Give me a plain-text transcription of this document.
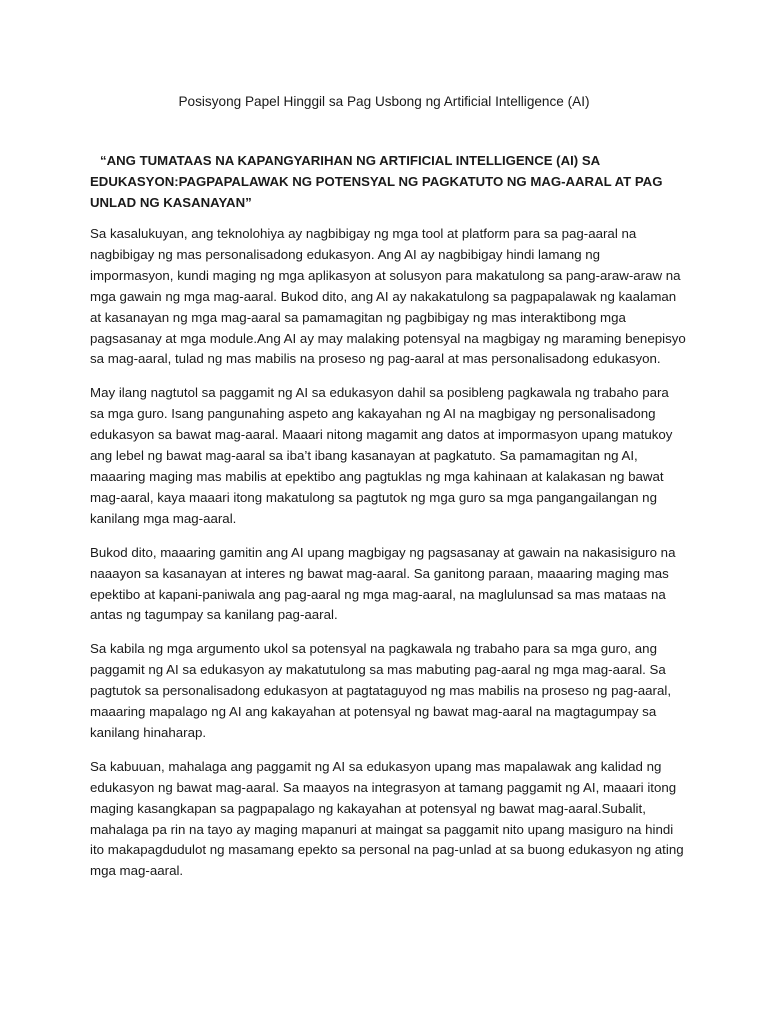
Posisyong Papel Hinggil sa Pag Usbong ng Artificial Intelligence (AI)
“ANG TUMATAAS NA KAPANGYARIHAN NG ARTIFICIAL INTELLIGENCE (AI) SA EDUKASYON:PAGPAPALAWAK NG POTENSYAL NG PAGKATUTO NG MAG-AARAL AT PAG UNLAD NG KASANAYAN”

Sa kasalukuyan, ang teknolohiya ay nagbibigay ng mga tool at platform para sa pag-aaral na nagbibigay ng mas personalisadong edukasyon. Ang AI ay nagbibigay hindi lamang ng impormasyon, kundi maging ng mga aplikasyon at solusyon para makatulong sa pang-araw-araw na mga gawain ng mga mag-aaral. Bukod dito, ang AI ay nakakatulong sa pagpapalawak ng kaalaman at kasanayan ng mga mag-aaral sa pamamagitan ng pagbibigay ng mas interaktibong mga pagsasanay at mga module.Ang AI ay may malaking potensyal na magbigay ng maraming benepisyo sa mag-aaral, tulad ng mas mabilis na proseso ng pag-aaral at mas personalisadong edukasyon.

May ilang nagtutol sa paggamit ng AI sa edukasyon dahil sa posibleng pagkawala ng trabaho para sa mga guro. Isang pangunahing aspeto ang kakayahan ng AI na magbigay ng personalisadong edukasyon sa bawat mag-aaral. Maaari nitong magamit ang datos at impormasyon upang matukoy ang lebel ng bawat mag-aaral sa iba’t ibang kasanayan at pagkatuto. Sa pamamagitan ng AI, maaaring maging mas mabilis at epektibo ang pagtuklas ng mga kahinaan at kalakasan ng bawat mag-aaral, kaya maaari itong makatulong sa pagtutok ng mga guro sa mga pangangailangan ng kanilang mga mag-aaral.

Bukod dito, maaaring gamitin ang AI upang magbigay ng pagsasanay at gawain na nakasisiguro na naaayon sa kasanayan at interes ng bawat mag-aaral. Sa ganitong paraan, maaaring maging mas epektibo at kapani-paniwala ang pag-aaral ng mga mag-aaral, na maglulunsad sa mas mataas na antas ng tagumpay sa kanilang pag-aaral.

Sa kabila ng mga argumento ukol sa potensyal na pagkawala ng trabaho para sa mga guro, ang paggamit ng AI sa edukasyon ay makatutulong sa mas mabuting pag-aaral ng mga mag-aaral. Sa pagtutok sa personalisadong edukasyon at pagtataguyod ng mas mabilis na proseso ng pag-aaral, maaaring mapalago ng AI ang kakayahan at potensyal ng bawat mag-aaral na magtagumpay sa kanilang hinaharap.

Sa kabuuan, mahalaga ang paggamit ng AI sa edukasyon upang mas mapalawak ang kalidad ng edukasyon ng bawat mag-aaral. Sa maayos na integrasyon at tamang paggamit ng AI, maaari itong maging kasangkapan sa pagpapalago ng kakayahan at potensyal ng bawat mag-aaral.Subalit, mahalaga pa rin na tayo ay maging mapanuri at maingat sa paggamit nito upang masiguro na hindi ito makapagdudulot ng masamang epekto sa personal na pag-unlad at sa buong edukasyon ng ating mga mag-aaral.
